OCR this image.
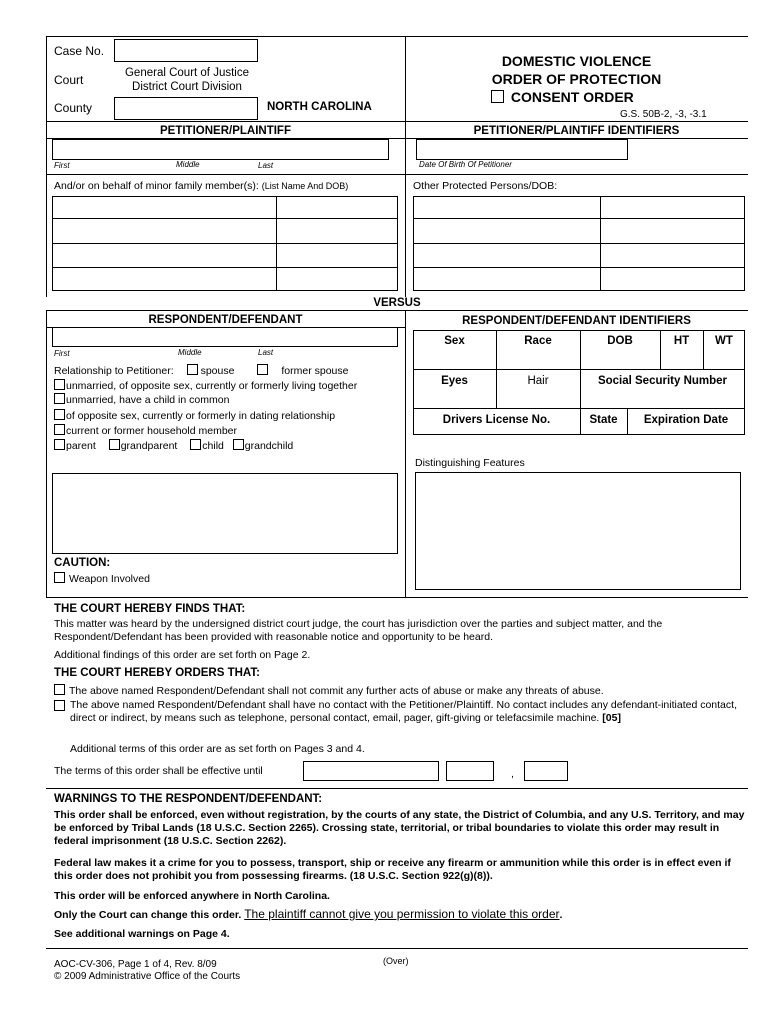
Case No.
Court	General Court of Justice
District Court Division
County	NORTH CAROLINA
DOMESTIC VIOLENCE
ORDER OF PROTECTION
CONSENT ORDER
G.S. 50B-2, -3, -3.1
PETITIONER/PLAINTIFF	PETITIONER/PLAINTIFF IDENTIFIERS
First	Middle	Last	Date Of Birth Of Petitioner
And/or on behalf of minor family member(s): (List Name And DOB)	Other Protected Persons/DOB:
VERSUS
RESPONDENT/DEFENDANT	RESPONDENT/DEFENDANT IDENTIFIERS
First	Middle	Last
Relationship to Petitioner:	spouse	former spouse
unmarried, of opposite sex, currently or formerly living together
unmarried, have a child in common
of opposite sex, currently or formerly in dating relationship
current or former household member
parent grandparent child grandchild
CAUTION:
Weapon Involved
Sex	Race	DOB	HT	WT
Eyes	Hair	Social Security Number
Drivers License No.	State	Expiration Date
Distinguishing Features
THE COURT HEREBY FINDS THAT:
This matter was heard by the undersigned district court judge, the court has jurisdiction over the parties and subject matter, and the Respondent/Defendant has been provided with reasonable notice and opportunity to be heard.
Additional findings of this order are set forth on Page 2.
THE COURT HEREBY ORDERS THAT:
The above named Respondent/Defendant shall not commit any further acts of abuse or make any threats of abuse.
The above named Respondent/Defendant shall have no contact with the Petitioner/Plaintiff. No contact includes any defendant-initiated contact, direct or indirect, by means such as telephone, personal contact, email, pager, gift-giving or telefacsimile machine. [05]
Additional terms of this order are as set forth on Pages 3 and 4.
The terms of this order shall be effective until	,
WARNINGS TO THE RESPONDENT/DEFENDANT:
This order shall be enforced, even without registration, by the courts of any state, the District of Columbia, and any U.S. Territory, and may be enforced by Tribal Lands (18 U.S.C. Section 2265). Crossing state, territorial, or tribal boundaries to violate this order may result in federal imprisonment (18 U.S.C. Section 2262).
Federal law makes it a crime for you to possess, transport, ship or receive any firearm or ammunition while this order is in effect even if this order does not prohibit you from possessing firearms. (18 U.S.C. Section 922(g)(8)).
This order will be enforced anywhere in North Carolina.
Only the Court can change this order. The plaintiff cannot give you permission to violate this order.
See additional warnings on Page 4.
AOC-CV-306, Page 1 of 4, Rev. 8/09
© 2009 Administrative Office of the Courts
(Over)
